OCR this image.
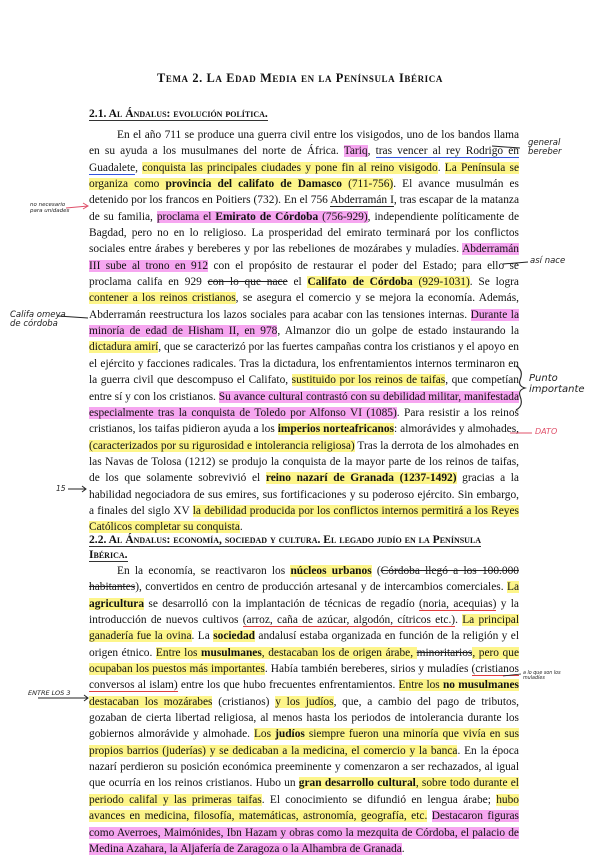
Tema 2. La Edad Media en la Península Ibérica
2.1. Al Ándalus: evolución política.

En el año 711 se produce una guerra civil entre los visigodos, uno de los bandos llama en su ayuda a los musulmanes del norte de África. Tariq, tras vencer al rey Rodrigo en Guadalete, conquista las principales ciudades y pone fin al reino visigodo. La Península se organiza como provincia del califato de Damasco (711-756). El avance musulmán es detenido por los francos en Poitiers (732). En el 756 Abderramán I, tras escapar de la matanza de su familia, proclama el Emirato de Córdoba (756-929), independiente políticamente de Bagdad, pero no en lo religioso. La prosperidad del emirato terminará por los conflictos sociales entre árabes y bereberes y por las rebeliones de mozárabes y muladíes. Abderramán III sube al trono en 912 con el propósito de restaurar el poder del Estado; para ello se proclama califa en 929 con lo que nace el Califato de Córdoba (929-1031). Se logra contener a los reinos cristianos, se asegura el comercio y se mejora la economía. Además, Abderramán reestructura los lazos sociales para acabar con las tensiones internas. Durante la minoría de edad de Hisham II, en 978, Almanzor dio un golpe de estado instaurando la dictadura amirí, que se caracterizó por las fuertes campañas contra los cristianos y el apoyo en el ejército y facciones radicales. Tras la dictadura, los enfrentamientos internos terminaron en la guerra civil que descompuso el Califato, sustituido por los reinos de taifas, que competían entre sí y con los cristianos. Su avance cultural contrastó con su debilidad militar, manifestada especialmente tras la conquista de Toledo por Alfonso VI (1085). Para resistir a los reinos cristianos, los taifas pidieron ayuda a los imperios norteafricanos: almorávides y almohades, (caracterizados por su rigurosidad e intolerancia religiosa) Tras la derrota de los almohades en las Navas de Tolosa (1212) se produjo la conquista de la mayor parte de los reinos de taifas, de los que solamente sobrevivió el reino nazarí de Granada (1237-1492) gracias a la habilidad negociadora de sus emires, sus fortificaciones y su poderoso ejército. Sin embargo, a finales del siglo XV la debilidad producida por los conflictos internos permitirá a los Reyes Católicos completar su conquista.

2.2. Al Ándalus: economía, sociedad y cultura. El legado judío en la Península Ibérica.

En la economía, se reactivaron los núcleos urbanos (Córdoba llegó a los 100.000 habitantes), convertidos en centro de producción artesanal y de intercambios comerciales. La agricultura se desarrolló con la implantación de técnicas de regadío (noria, acequias) y la introducción de nuevos cultivos (arroz, caña de azúcar, algodón, cítricos etc.). La principal ganadería fue la ovina. La sociedad andalusí estaba organizada en función de la religión y el origen étnico. Entre los musulmanes, destacaban los de origen árabe, minoritarios, pero que ocupaban los puestos más importantes. Había también bereberes, sirios y muladíes (cristianos conversos al islam) entre los que hubo frecuentes enfrentamientos. Entre los no musulmanes destacaban los mozárabes (cristianos) y los judíos, que, a cambio del pago de tributos, gozaban de cierta libertad religiosa, al menos hasta los periodos de intolerancia durante los gobiernos almorávide y almohade. Los judíos siempre fueron una minoría que vivía en sus propios barrios (juderías) y se dedicaban a la medicina, el comercio y la banca. En la época nazarí perdieron su posición económica preeminente y comenzaron a ser rechazados, al igual que ocurría en los reinos cristianos. Hubo un gran desarrollo cultural, sobre todo durante el periodo califal y las primeras taifas. El conocimiento se difundió en lengua árabe; hubo avances en medicina, filosofía, matemáticas, astronomía, geografía, etc. Destacaron figuras como Averroes, Maimónides, Ibn Hazam y obras como la mezquita de Córdoba, el palacio de Medina Azahara, la Aljafería de Zaragoza o la Alhambra de Granada.

general
bereber
no necesario
para unidades
así nace
Califa omeya
de córdoba
Punto
importante
DATO
15
ENTRE LOS 3
a lo que son los
muladíes
